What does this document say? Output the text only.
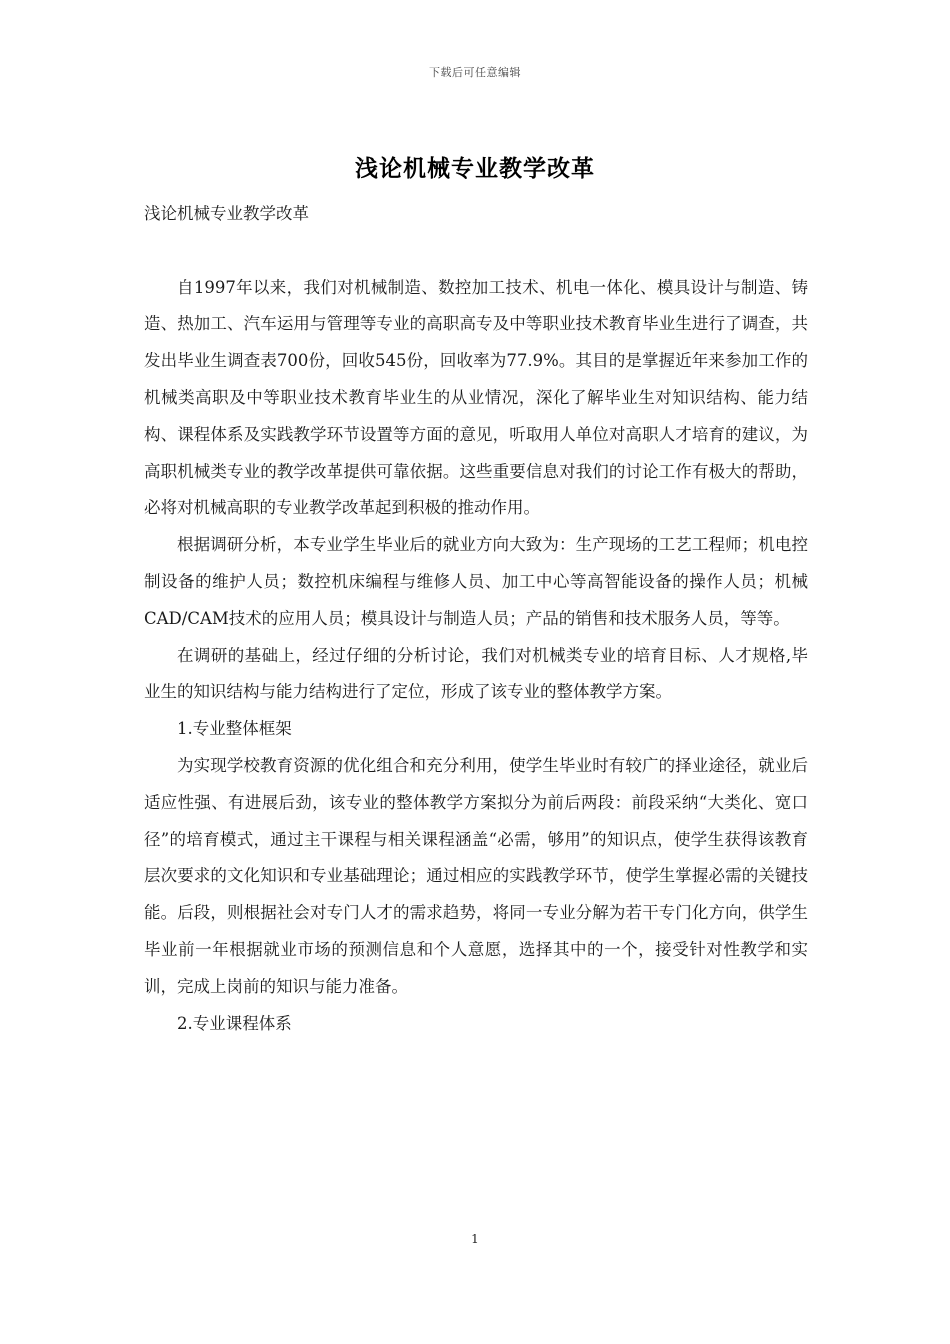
下载后可任意编辑
浅论机械专业教学改革

浅论机械专业教学改革

自1997年以来，我们对机械制造、数控加工技术、机电一体化、模具设计与制造、铸造、热加工、汽车运用与管理等专业的高职高专及中等职业技术教育毕业生进行了调查，共发出毕业生调查表700份，回收545份，回收率为77.9%。其目的是掌握近年来参加工作的机械类高职及中等职业技术教育毕业生的从业情况，深化了解毕业生对知识结构、能力结构、课程体系及实践教学环节设置等方面的意见，听取用人单位对高职人才培育的建议，为高职机械类专业的教学改革提供可靠依据。这些重要信息对我们的讨论工作有极大的帮助，必将对机械高职的专业教学改革起到积极的推动作用。

根据调研分析，本专业学生毕业后的就业方向大致为：生产现场的工艺工程师；机电控制设备的维护人员；数控机床编程与维修人员、加工中心等高智能设备的操作人员；机械CAD/CAM技术的应用人员；模具设计与制造人员；产品的销售和技术服务人员，等等。

在调研的基础上，经过仔细的分析讨论，我们对机械类专业的培育目标、人才规格,毕业生的知识结构与能力结构进行了定位，形成了该专业的整体教学方案。

1.专业整体框架

为实现学校教育资源的优化组合和充分利用，使学生毕业时有较广的择业途径，就业后适应性强、有进展后劲，该专业的整体教学方案拟分为前后两段：前段采纳“大类化、宽口径”的培育模式，通过主干课程与相关课程涵盖“必需，够用”的知识点，使学生获得该教育层次要求的文化知识和专业基础理论；通过相应的实践教学环节，使学生掌握必需的关键技能。后段，则根据社会对专门人才的需求趋势，将同一专业分解为若干专门化方向，供学生毕业前一年根据就业市场的预测信息和个人意愿，选择其中的一个，接受针对性教学和实训，完成上岗前的知识与能力准备。

2.专业课程体系

1
